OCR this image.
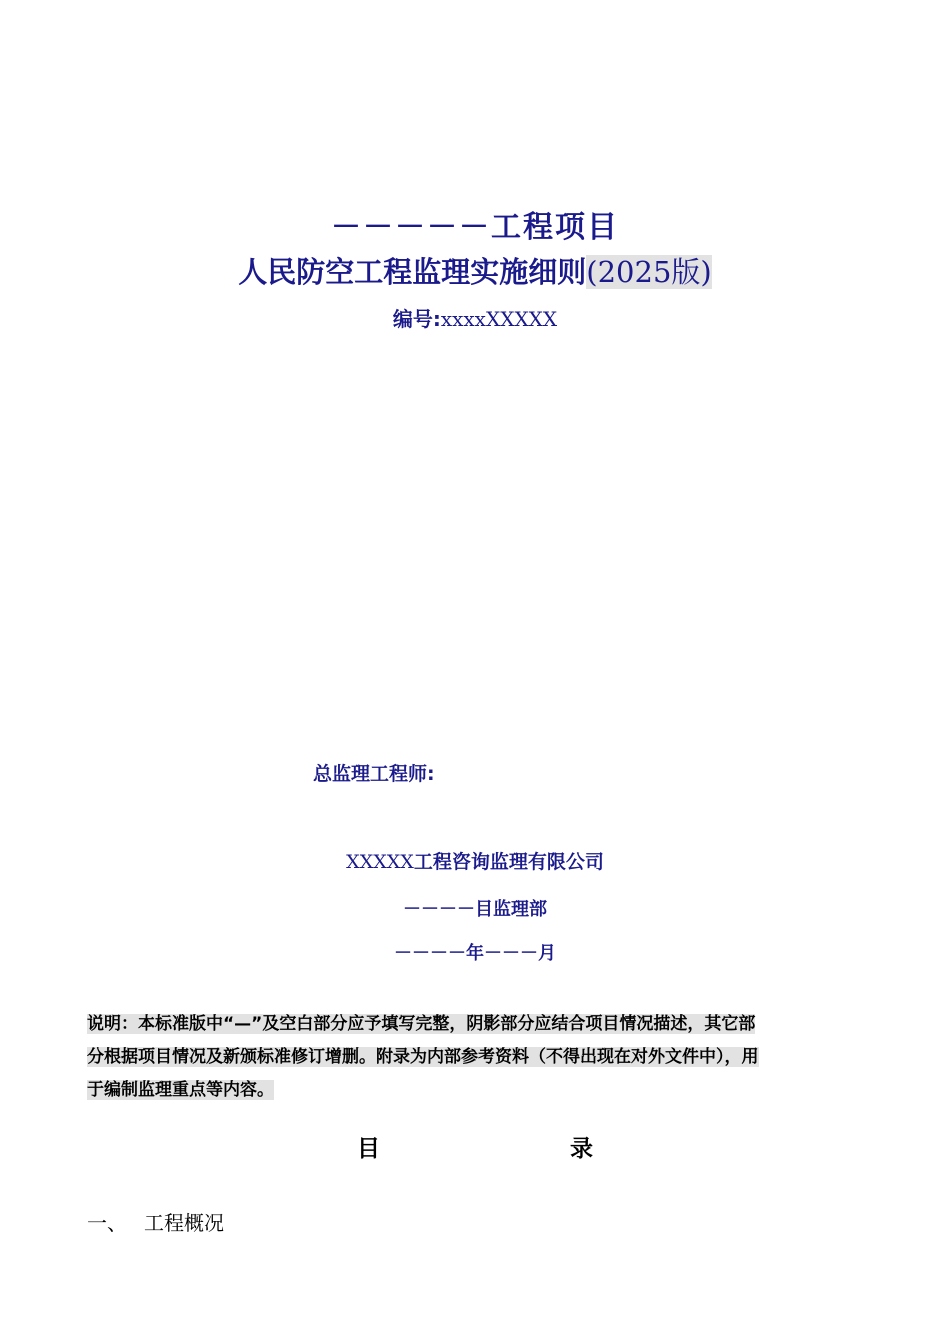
－－－－－工程项目
人民防空工程监理实施细则(2025版)
编号:xxxxXXXXX
总监理工程师:
XXXXX工程咨询监理有限公司
－－－－目监理部
－－－－年－－－月
说明：本标准版中“—”及空白部分应予填写完整，阴影部分应结合项目情况描述，其它部
分根据项目情况及新颁标准修订增删。附录为内部参考资料（不得出现在对外文件中），用
于编制监理重点等内容。
目	录
一、 工程概况
